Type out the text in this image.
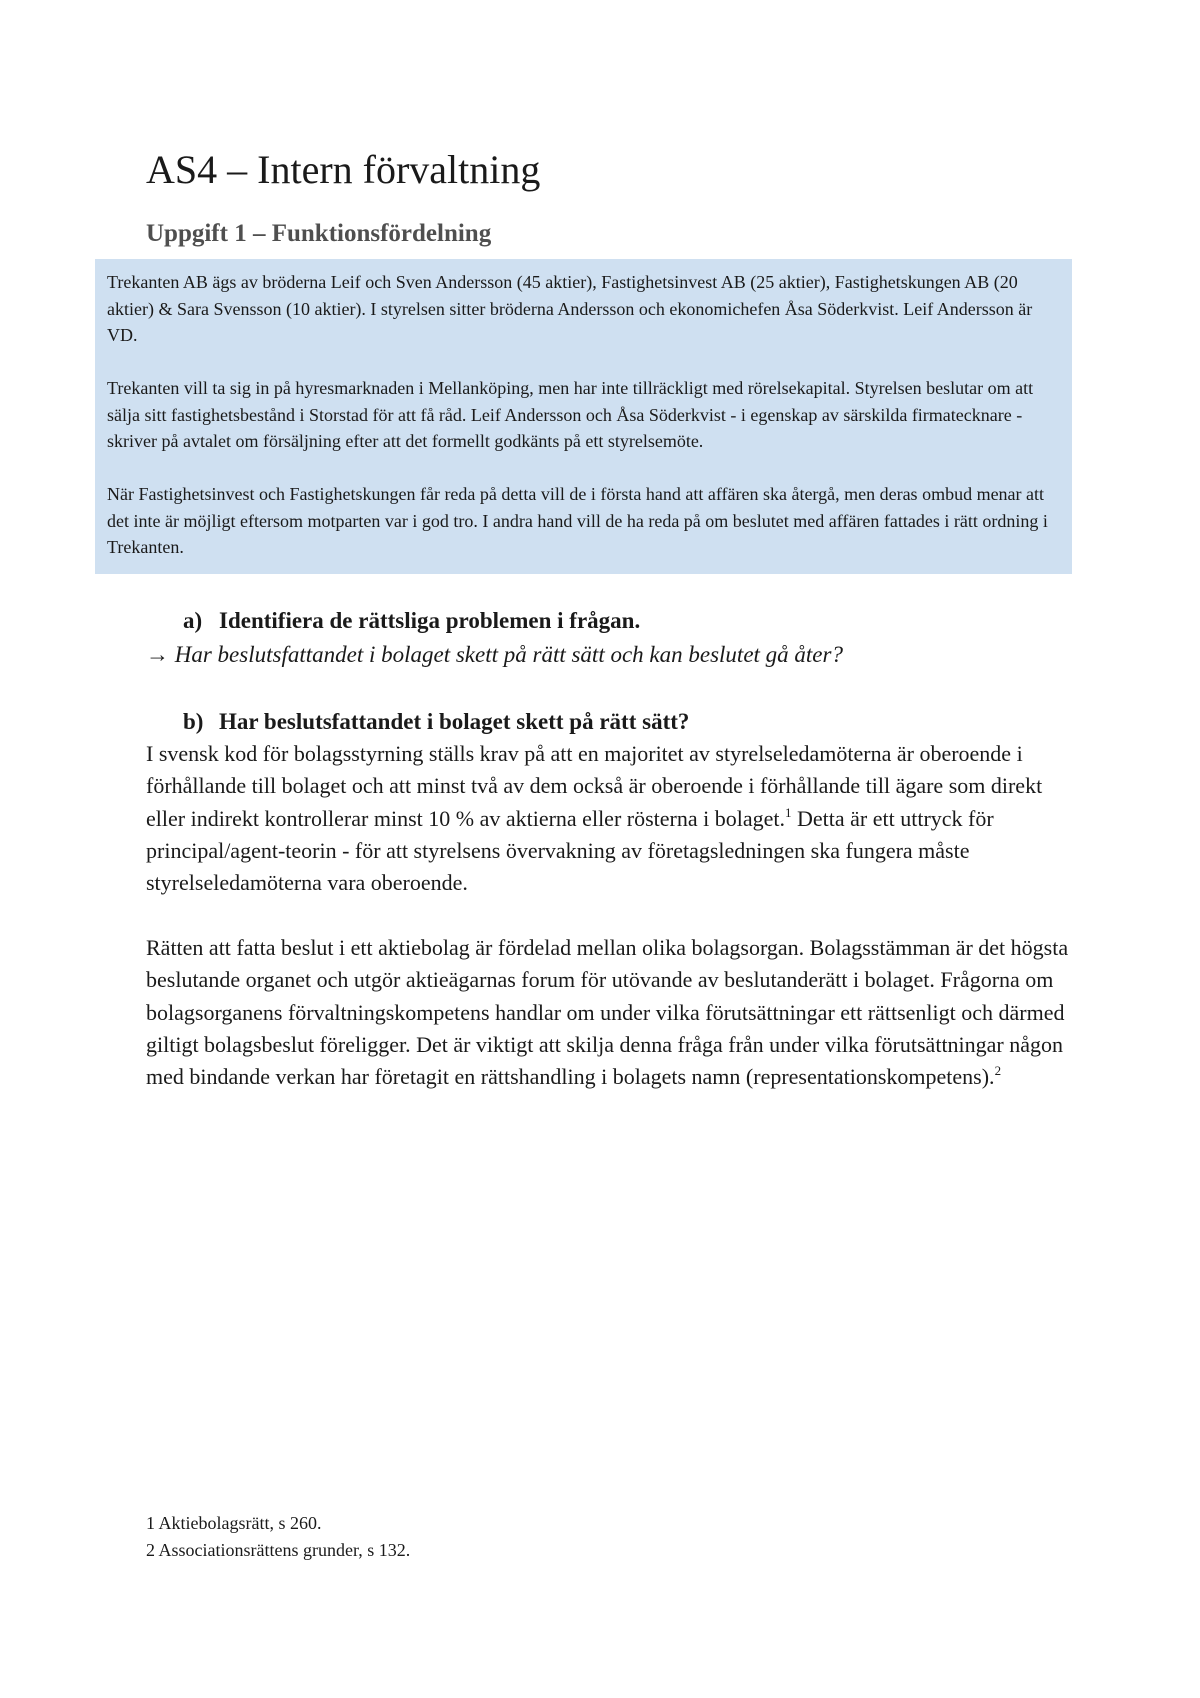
AS4 – Intern förvaltning
Uppgift 1 – Funktionsfördelning

Trekanten AB ägs av bröderna Leif och Sven Andersson (45 aktier), Fastighetsinvest AB (25 aktier), Fastighetskungen AB (20 aktier) & Sara Svensson (10 aktier). I styrelsen sitter bröderna Andersson och ekonomichefen Åsa Söderkvist. Leif Andersson är VD.

Trekanten vill ta sig in på hyresmarknaden i Mellanköping, men har inte tillräckligt med rörelsekapital. Styrelsen beslutar om att sälja sitt fastighetsbestånd i Storstad för att få råd. Leif Andersson och Åsa Söderkvist - i egenskap av särskilda firmatecknare - skriver på avtalet om försäljning efter att det formellt godkänts på ett styrelsemöte.

När Fastighetsinvest och Fastighetskungen får reda på detta vill de i första hand att affären ska återgå, men deras ombud menar att det inte är möjligt eftersom motparten var i god tro. I andra hand vill de ha reda på om beslutet med affären fattades i rätt ordning i Trekanten.

a) Identifiera de rättsliga problemen i frågan.

→ Har beslutsfattandet i bolaget skett på rätt sätt och kan beslutet gå åter?

b) Har beslutsfattandet i bolaget skett på rätt sätt?

I svensk kod för bolagsstyrning ställs krav på att en majoritet av styrelseledamöterna är oberoende i förhållande till bolaget och att minst två av dem också är oberoende i förhållande till ägare som direkt eller indirekt kontrollerar minst 10 % av aktierna eller rösterna i bolaget.$^1$ Detta är ett uttryck för principal/agent-teorin - för att styrelsens övervakning av företagsledningen ska fungera måste styrelseledamöterna vara oberoende.

Rätten att fatta beslut i ett aktiebolag är fördelad mellan olika bolagsorgan. Bolagsstämman är det högsta beslutande organet och utgör aktieägarnas forum för utövande av beslutanderätt i bolaget. Frågorna om bolagsorganens förvaltningskompetens handlar om under vilka förutsättningar ett rättsenligt och därmed giltigt bolagsbeslut föreligger. Det är viktigt att skilja denna fråga från under vilka förutsättningar någon med bindande verkan har företagit en rättshandling i bolagets namn (representationskompetens).$^2$

1 Aktiebolagsrätt, s 260.

2 Associationsrättens grunder, s 132.
